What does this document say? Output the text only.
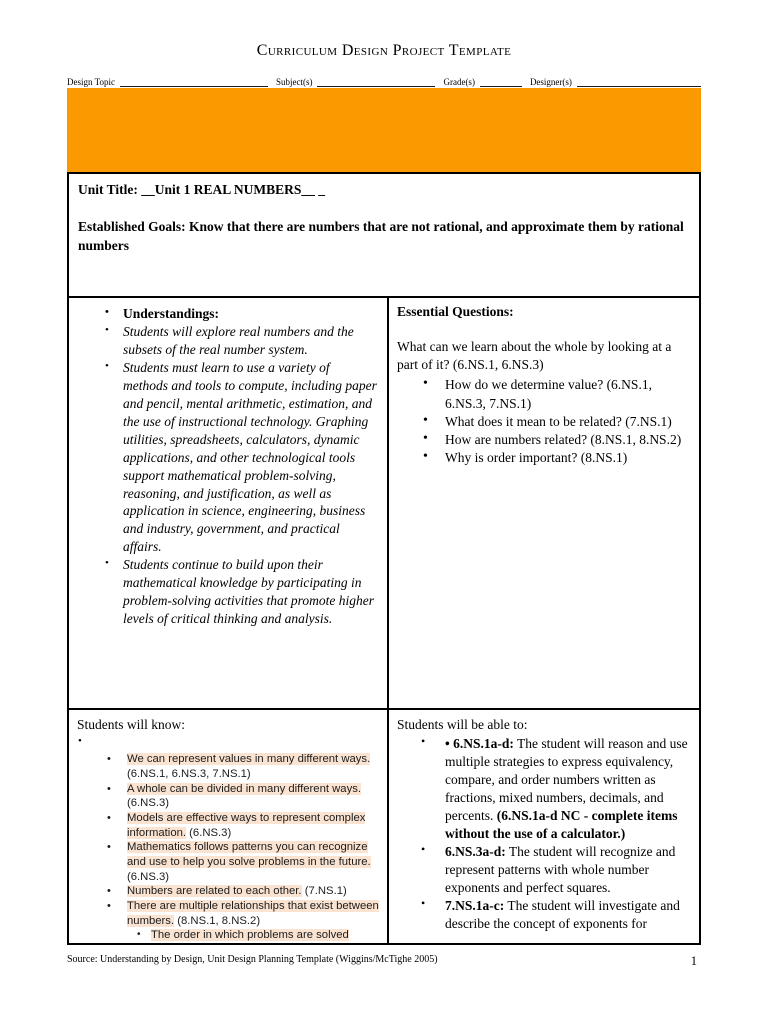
Curriculum Design Project Template
Design Topic	Subject(s)	Grade(s)	Designer(s)
Unit Title: __Unit 1 REAL NUMBERS__ _
Established Goals: Know that there are numbers that are not rational, and approximate them by rational numbers
• Understandings:
• Students will explore real numbers and the subsets of the real number system.
• Students must learn to use a variety of methods and tools to compute, including paper and pencil, mental arithmetic, estimation, and the use of instructional technology. Graphing utilities, spreadsheets, calculators, dynamic applications, and other technological tools support mathematical problem-solving, reasoning, and justification, as well as application in science, engineering, business and industry, government, and practical affairs.
• Students continue to build upon their mathematical knowledge by participating in problem-solving activities that promote higher levels of critical thinking and analysis.

Essential Questions:

What can we learn about the whole by looking at a part of it? (6.NS.1, 6.NS.3)

• How do we determine value? (6.NS.1, 6.NS.3, 7.NS.1)
• What does it mean to be related? (7.NS.1)
• How are numbers related? (8.NS.1, 8.NS.2)
• Why is order important? (8.NS.1)

Students will know:

•
• We can represent values in many different ways. (6.NS.1, 6.NS.3, 7.NS.1)
• A whole can be divided in many different ways. (6.NS.3)
• Models are effective ways to represent complex information. (6.NS.3)
• Mathematics follows patterns you can recognize and use to help you solve problems in the future. (6.NS.3)
• Numbers are related to each other. (7.NS.1)
• There are multiple relationships that exist between numbers. (8.NS.1, 8.NS.2)
• The order in which problems are solved

Students will be able to:

• • 6.NS.1a-d: The student will reason and use multiple strategies to express equivalency, compare, and order numbers written as fractions, mixed numbers, decimals, and percents. (6.NS.1a-d NC - complete items without the use of a calculator.)
• 6.NS.3a-d: The student will recognize and represent patterns with whole number exponents and perfect squares.
• 7.NS.1a-c: The student will investigate and describe the concept of exponents for
Source: Understanding by Design, Unit Design Planning Template (Wiggins/McTighe 2005)	1
